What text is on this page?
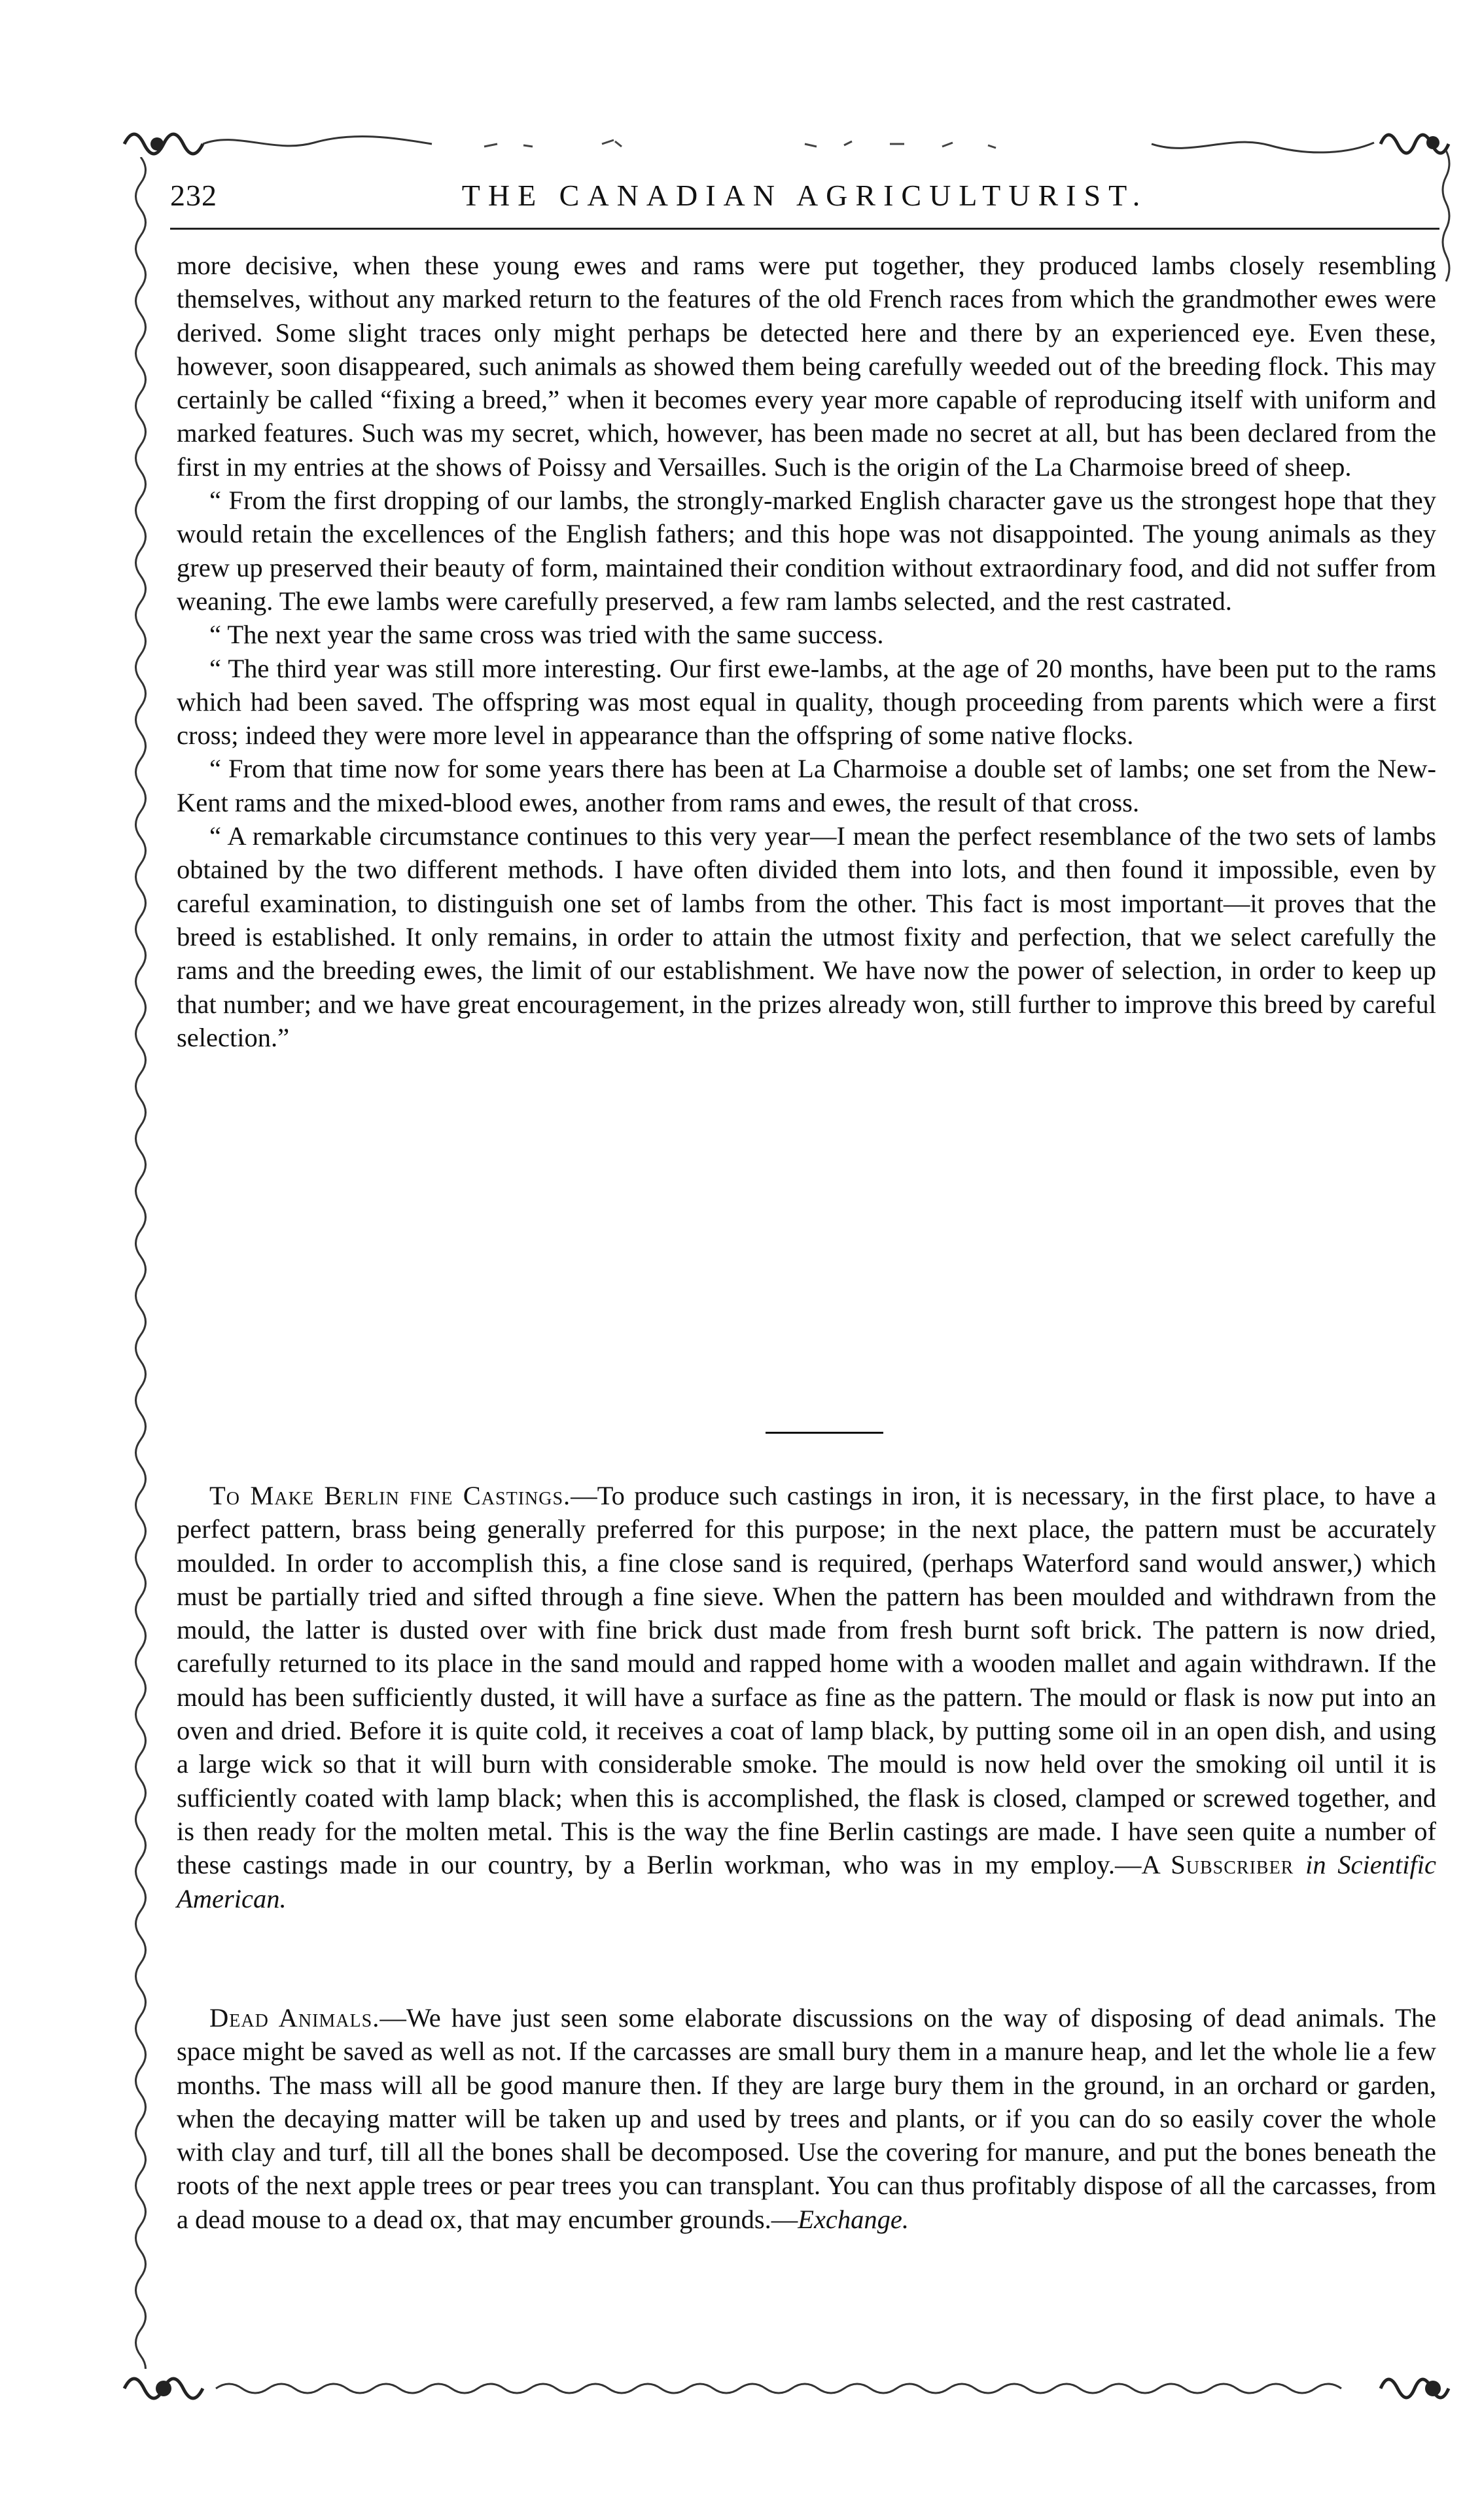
232	THE CANADIAN AGRICULTURIST.

more decisive, when these young ewes and rams were put together, they produced lambs closely resembling themselves, without any marked return to the features of the old French races from which the grandmother ewes were derived. Some slight traces only might perhaps be detected here and there by an experienced eye. Even these, however, soon disappeared, such animals as showed them being carefully weeded out of the breeding flock. This may certainly be called “fixing a breed,” when it becomes every year more capable of reproducing itself with uniform and marked features. Such was my secret, which, however, has been made no secret at all, but has been declared from the first in my entries at the shows of Poissy and Versailles. Such is the origin of the La Charmoise breed of sheep.

“ From the first dropping of our lambs, the strongly-marked English character gave us the strongest hope that they would retain the excellences of the English fathers; and this hope was not disappointed. The young animals as they grew up preserved their beauty of form, maintained their condition without extraordinary food, and did not suffer from weaning. The ewe lambs were carefully preserved, a few ram lambs selected, and the rest castrated.

“ The next year the same cross was tried with the same success.

“ The third year was still more interesting. Our first ewe-lambs, at the age of 20 months, have been put to the rams which had been saved. The offspring was most equal in quality, though proceeding from parents which were a first cross; indeed they were more level in appearance than the offspring of some native flocks.

“ From that time now for some years there has been at La Charmoise a double set of lambs; one set from the New-Kent rams and the mixed-blood ewes, another from rams and ewes, the result of that cross.

“ A remarkable circumstance continues to this very year—I mean the perfect resemblance of the two sets of lambs obtained by the two different methods. I have often divided them into lots, and then found it impossible, even by careful examination, to distinguish one set of lambs from the other. This fact is most important—it proves that the breed is established. It only remains, in order to attain the utmost fixity and perfection, that we select carefully the rams and the breeding ewes, the limit of our establishment. We have now the power of selection, in order to keep up that number; and we have great encouragement, in the prizes already won, still further to improve this breed by careful selection.”

To Make Berlin fine Castings.—To produce such castings in iron, it is necessary, in the first place, to have a perfect pattern, brass being generally preferred for this purpose; in the next place, the pattern must be accurately moulded. In order to accomplish this, a fine close sand is required, (perhaps Waterford sand would answer,) which must be partially tried and sifted through a fine sieve. When the pattern has been moulded and withdrawn from the mould, the latter is dusted over with fine brick dust made from fresh burnt soft brick. The pattern is now dried, carefully returned to its place in the sand mould and rapped home with a wooden mallet and again withdrawn. If the mould has been sufficiently dusted, it will have a surface as fine as the pattern. The mould or flask is now put into an oven and dried. Before it is quite cold, it receives a coat of lamp black, by putting some oil in an open dish, and using a large wick so that it will burn with considerable smoke. The mould is now held over the smoking oil until it is sufficiently coated with lamp black; when this is accomplished, the flask is closed, clamped or screwed together, and is then ready for the molten metal. This is the way the fine Berlin castings are made. I have seen quite a number of these castings made in our country, by a Berlin workman, who was in my employ.—A Subscriber in Scientific American.

Dead Animals.—We have just seen some elaborate discussions on the way of disposing of dead animals. The space might be saved as well as not. If the carcasses are small bury them in a manure heap, and let the whole lie a few months. The mass will all be good manure then. If they are large bury them in the ground, in an orchard or garden, when the decaying matter will be taken up and used by trees and plants, or if you can do so easily cover the whole with clay and turf, till all the bones shall be decomposed. Use the covering for manure, and put the bones beneath the roots of the next apple trees or pear trees you can transplant. You can thus profitably dispose of all the carcasses, from a dead mouse to a dead ox, that may encumber grounds.—Exchange.
